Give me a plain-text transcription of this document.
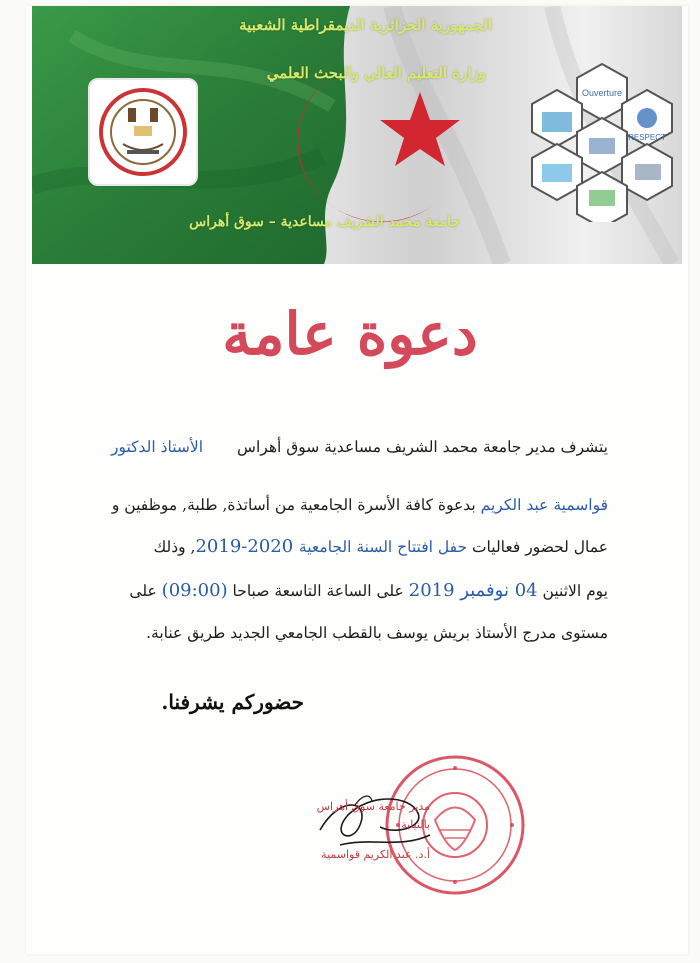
الجمهورية الجزائرية الديمقراطية الشعبية
وزارة التعليم العالي والبحث العلمي
جامعة محمد الشريف مساعدية – سوق أهراس
Ouverture
RESPECT
دعوة عامة
يتشرف مدير جامعة محمد الشريف مساعدية سوق أهراسالأستاذ الدكتور
قواسمية عبد الكريم بدعوة كافة الأسرة الجامعية من أساتذة, طلبة, موظفين و
عمال لحضور فعاليات حفل افتتاح السنة الجامعية 2020-2019, وذلك
يوم الاثنين 04 نوفمبر 2019 على الساعة التاسعة صباحا (09:00) على
مستوى مدرج الأستاذ بريش يوسف بالقطب الجامعي الجديد طريق عنابة.
حضوركم يشرفنا.
مدير جامعة سوق أهراس
بالنيابة
أ.د. عبد الكريم قواسمية
